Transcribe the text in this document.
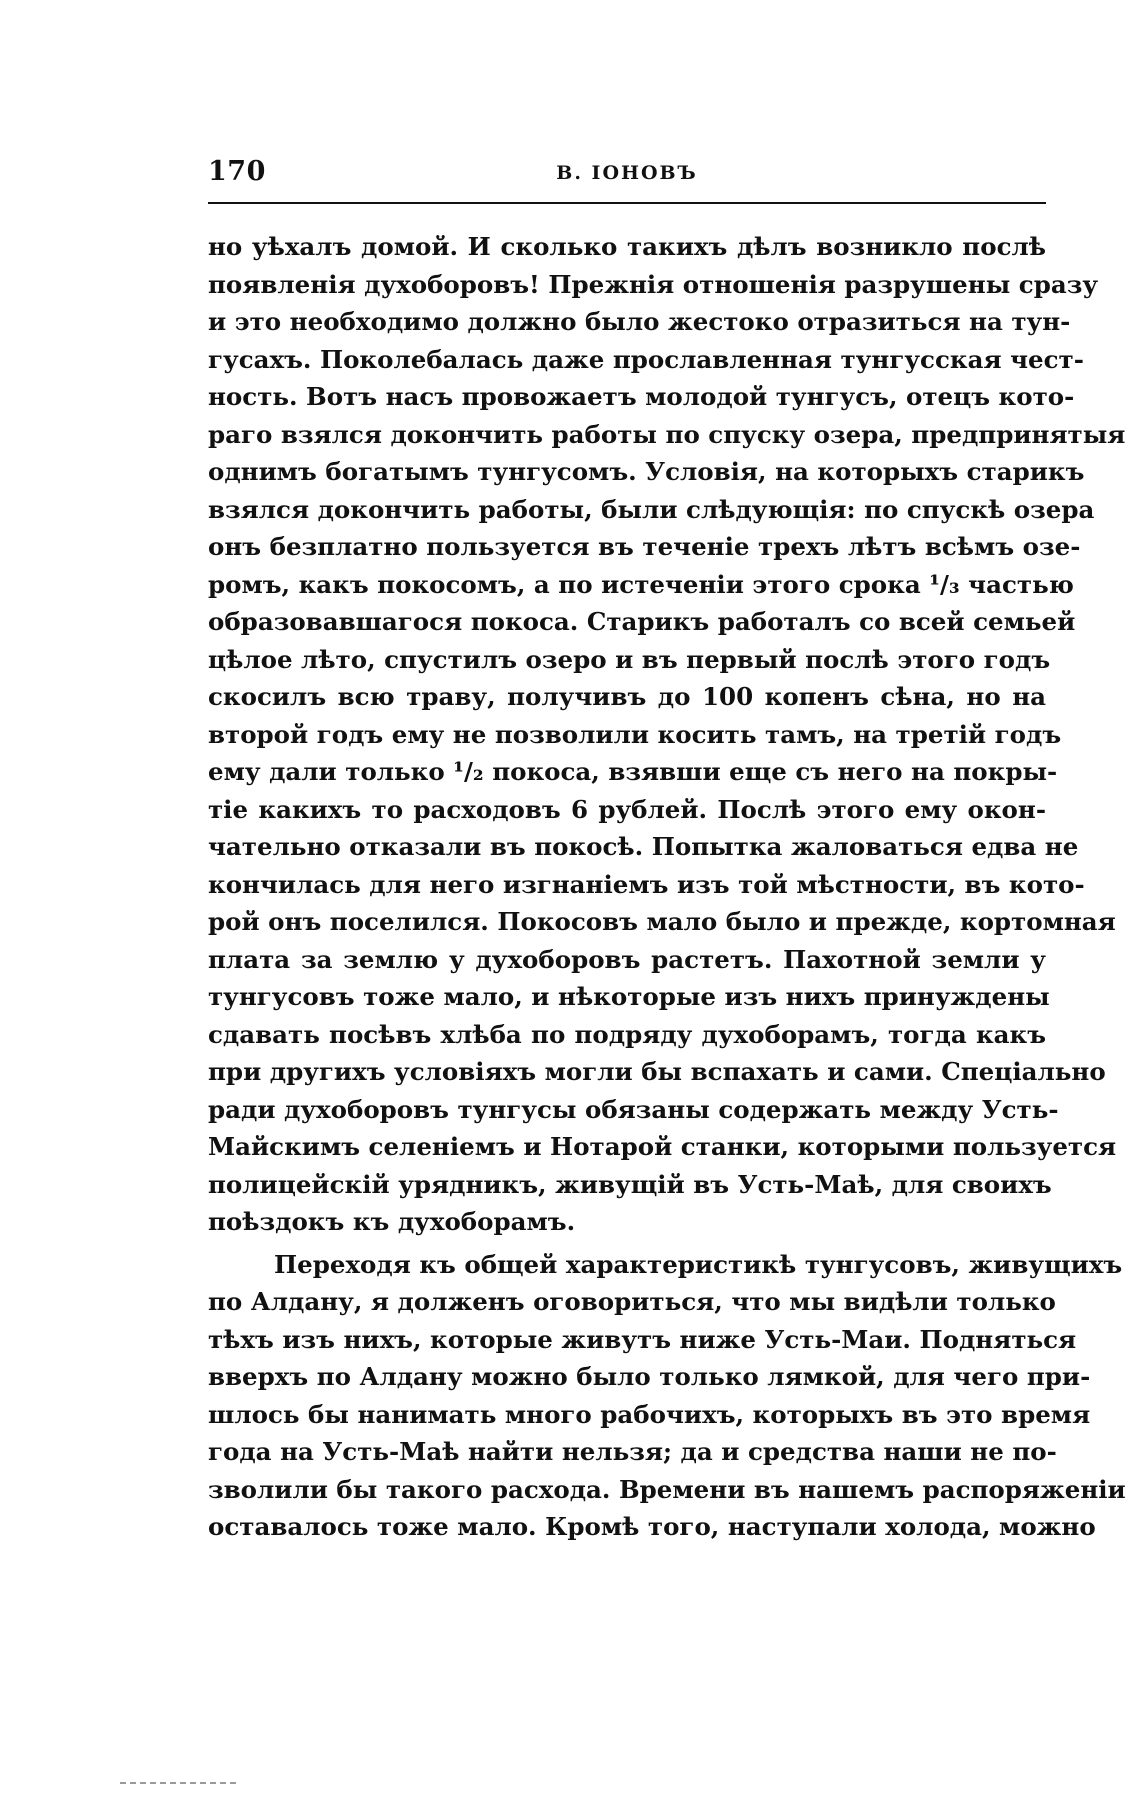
170	В. ІОНОВЪ
но уѣхалъ домой. И сколько такихъ дѣлъ возникло послѣ
появленія духоборовъ! Прежнія отношенія разрушены сразу
и это необходимо должно было жестоко отразиться на тун-
гусахъ. Поколебалась даже прославленная тунгусская чест-
ность. Вотъ насъ провожаетъ молодой тунгусъ, отецъ кото-
раго взялся докончить работы по спуску озера, предпринятыя
однимъ богатымъ тунгусомъ. Условія, на которыхъ старикъ
взялся докончить работы, были слѣдующія: по спускѣ озера
онъ безплатно пользуется въ теченіе трехъ лѣтъ всѣмъ озе-
ромъ, какъ покосомъ, а по истеченіи этого срока ¹/₃ частью
образовавшагося покоса. Старикъ работалъ со всей семьей
цѣлое лѣто, спустилъ озеро и въ первый послѣ этого годъ
скосилъ всю траву, получивъ до 100 копенъ сѣна, но на
второй годъ ему не позволили косить тамъ, на третій годъ
ему дали только ¹/₂ покоса, взявши еще съ него на покры-
тіе какихъ то расходовъ 6 рублей. Послѣ этого ему окон-
чательно отказали въ покосѣ. Попытка жаловаться едва не
кончилась для него изгнаніемъ изъ той мѣстности, въ кото-
рой онъ поселился. Покосовъ мало было и прежде, кортомная
плата за землю у духоборовъ растетъ. Пахотной земли у
тунгусовъ тоже мало, и нѣкоторые изъ нихъ принуждены
сдавать посѣвъ хлѣба по подряду духоборамъ, тогда какъ
при другихъ условіяхъ могли бы вспахать и сами. Спеціально
ради духоборовъ тунгусы обязаны содержать между Усть-
Майскимъ селеніемъ и Нотарой станки, которыми пользуется
полицейскій урядникъ, живущій въ Усть-Маѣ, для своихъ
поѣздокъ къ духоборамъ.
Переходя къ общей характеристикѣ тунгусовъ, живущихъ
по Алдану, я долженъ оговориться, что мы видѣли только
тѣхъ изъ нихъ, которые живутъ ниже Усть-Маи. Подняться
вверхъ по Алдану можно было только лямкой, для чего при-
шлось бы нанимать много рабочихъ, которыхъ въ это время
года на Усть-Маѣ найти нельзя; да и средства наши не по-
зволили бы такого расхода. Времени въ нашемъ распоряженіи
оставалось тоже мало. Кромѣ того, наступали холода, можно
